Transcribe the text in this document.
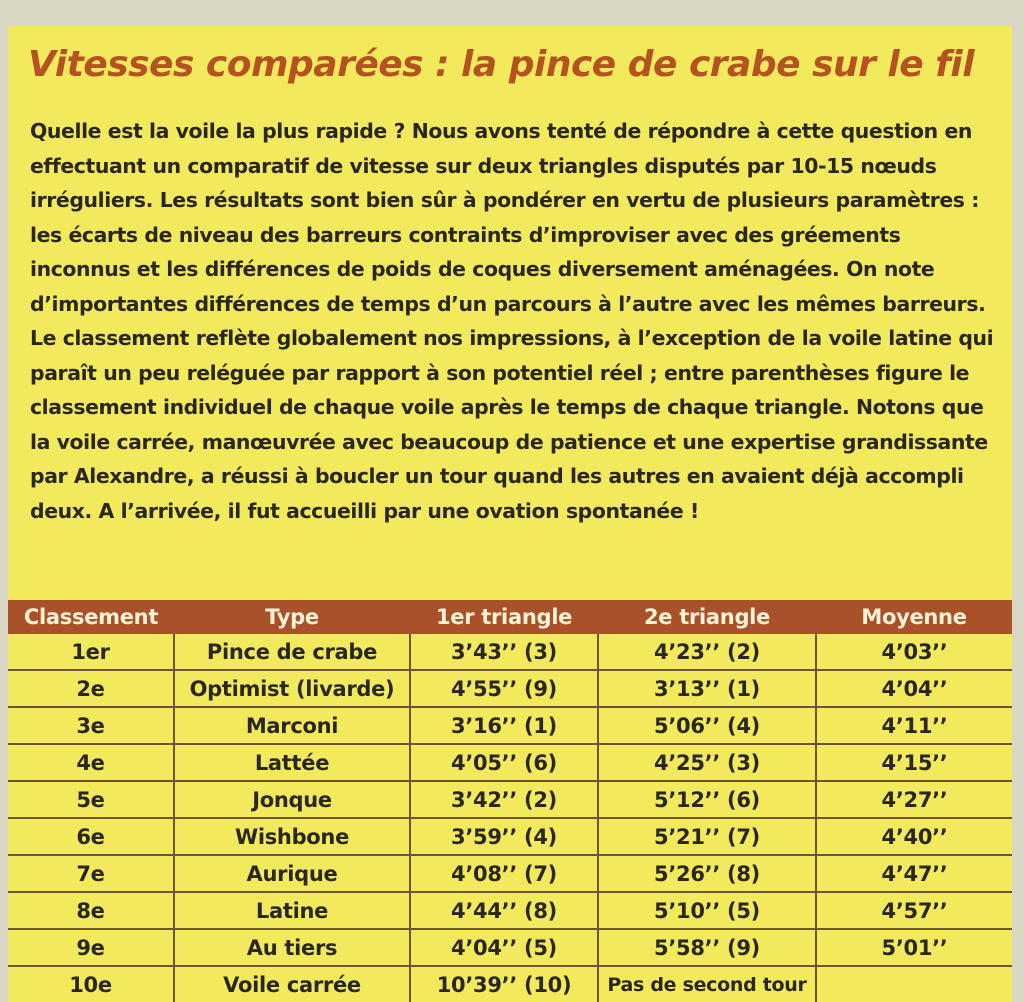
Vitesses comparées : la pince de crabe sur le fil

Quelle est la voile la plus rapide ? Nous avons tenté de répondre à cette question en effectuant un comparatif de vitesse sur deux triangles disputés par 10-15 nœuds irréguliers. Les résultats sont bien sûr à pondérer en vertu de plusieurs paramètres : les écarts de niveau des barreurs contraints d’improviser avec des gréements inconnus et les différences de poids de coques diversement aménagées. On note d’importantes différences de temps d’un parcours à l’autre avec les mêmes barreurs. Le classement reflète globalement nos impressions, à l’exception de la voile latine qui paraît un peu reléguée par rapport à son potentiel réel ; entre parenthèses figure le classement individuel de chaque voile après le temps de chaque triangle. Notons que la voile carrée, manœuvrée avec beaucoup de patience et une expertise grandissante par Alexandre, a réussi à boucler un tour quand les autres en avaient déjà accompli deux. A l’arrivée, il fut accueilli par une ovation spontanée !

Classement	Type	1er triangle	2e triangle	Moyenne
1er	Pince de crabe	3’43’’ (3)	4’23’’ (2)	4’03’’
2e	Optimist (livarde)	4’55’’ (9)	3’13’’ (1)	4’04’’
3e	Marconi	3’16’’ (1)	5’06’’ (4)	4’11’’
4e	Lattée	4’05’’ (6)	4’25’’ (3)	4’15’’
5e	Jonque	3’42’’ (2)	5’12’’ (6)	4’27’’
6e	Wishbone	3’59’’ (4)	5’21’’ (7)	4’40’’
7e	Aurique	4’08’’ (7)	5’26’’ (8)	4’47’’
8e	Latine	4’44’’ (8)	5’10’’ (5)	4’57’’
9e	Au tiers	4’04’’ (5)	5’58’’ (9)	5’01’’
10e	Voile carrée	10’39’’ (10)	Pas de second tour	
